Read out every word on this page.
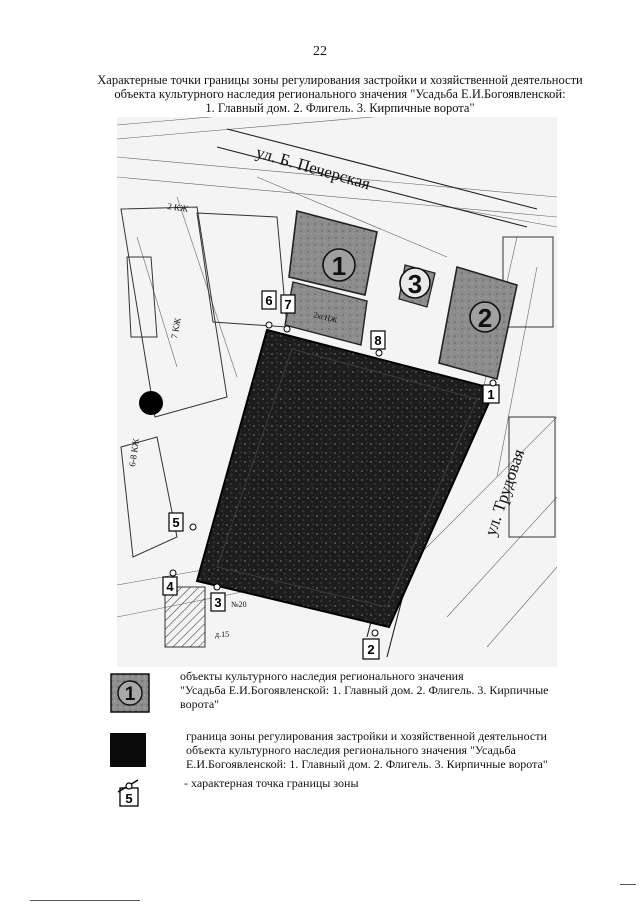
22
Характерные точки границы зоны регулирования застройки и хозяйственной деятельности
объекта культурного наследия регионального значения "Усадьба Е.И.Богоявленской:
1. Главный дом. 2. Флигель. 3. Кирпичные ворота"
1
2
3
ул. Б. Печерская
ул. Трудовая
2 КЖ
7 КЖ
6-8 КЖ
2ксНЖ
д.15
№20
1
2
3
4
5
6 7
8
1
объекты культурного наследия регионального значения
"Усадьба Е.И.Богоявленской: 1. Главный дом. 2. Флигель. 3. Кирпичные
ворота"
граница зоны регулирования застройки и хозяйственной деятельности
объекта культурного наследия регионального значения "Усадьба
Е.И.Богоявленской: 1. Главный дом. 2. Флигель. 3. Кирпичные ворота"
5
- характерная точка границы зоны
